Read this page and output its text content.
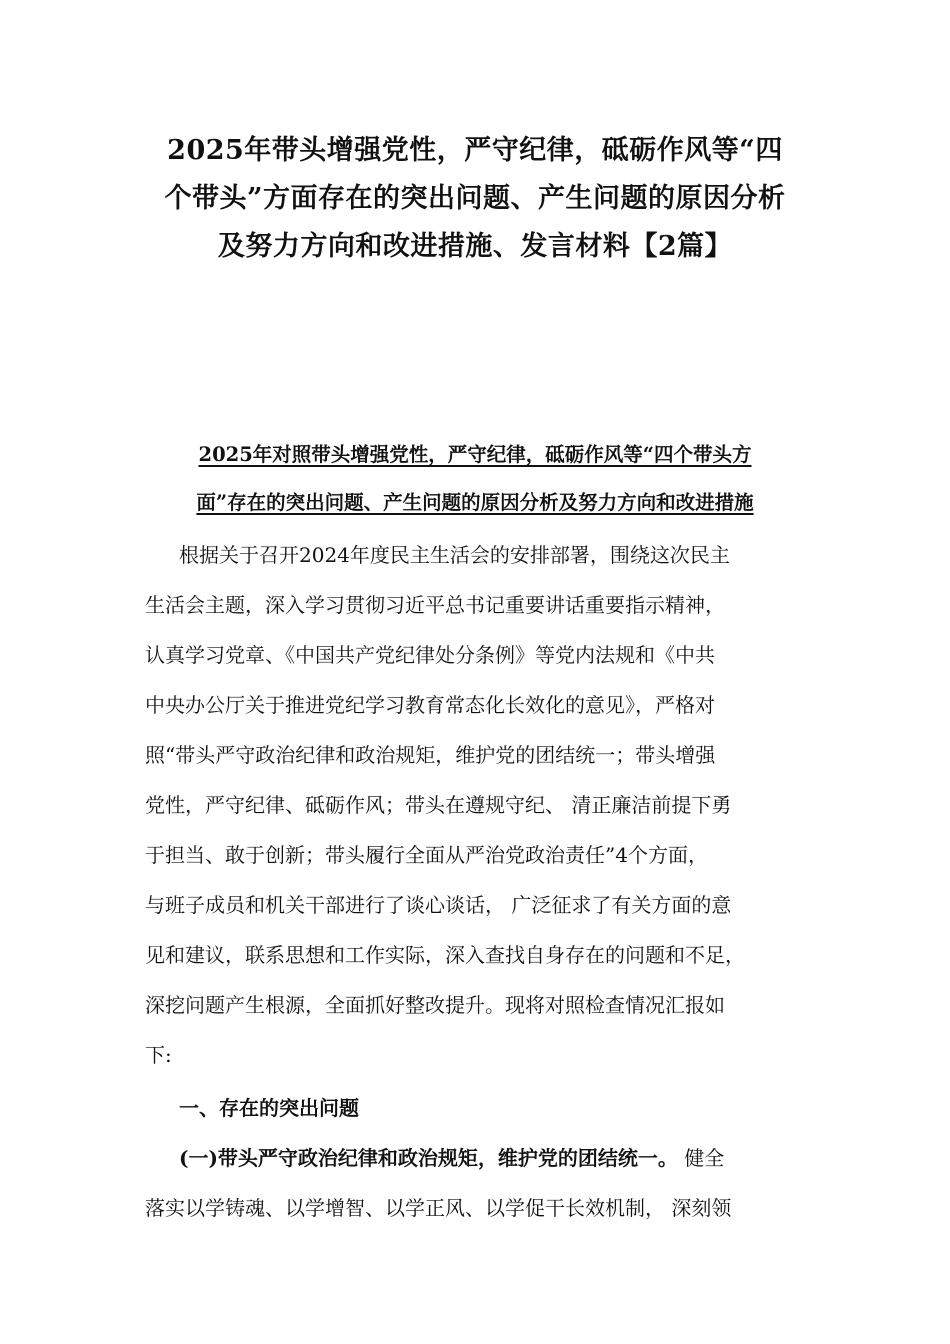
2025年带头增强党性，严守纪律，砥砺作风等“四
个带头”方面存在的突出问题、产生问题的原因分析
及努力方向和改进措施、发言材料【2篇】
2025年对照带头增强党性，严守纪律，砥砺作风等“四个带头方
面”存在的突出问题、产生问题的原因分析及努力方向和改进措施
根据关于召开2024年度民主生活会的安排部署，围绕这次民主
生活会主题，深入学习贯彻习近平总书记重要讲话重要指示精神，
认真学习党章、《中国共产党纪律处分条例》等党内法规和《中共
中央办公厅关于推进党纪学习教育常态化长效化的意见》，严格对
照“带头严守政治纪律和政治规矩，维护党的团结统一；带头增强
党性，严守纪律、砥砺作风；带头在遵规守纪、 清正廉洁前提下勇
于担当、敢于创新；带头履行全面从严治党政治责任”4个方面，
与班子成员和机关干部进行了谈心谈话， 广泛征求了有关方面的意
见和建议，联系思想和工作实际，深入查找自身存在的问题和不足，
深挖问题产生根源，全面抓好整改提升。现将对照检查情况汇报如
下:
一、存在的突出问题
(一)带头严守政治纪律和政治规矩，维护党的团结统一。 健全
落实以学铸魂、以学增智、以学正风、以学促干长效机制， 深刻领
